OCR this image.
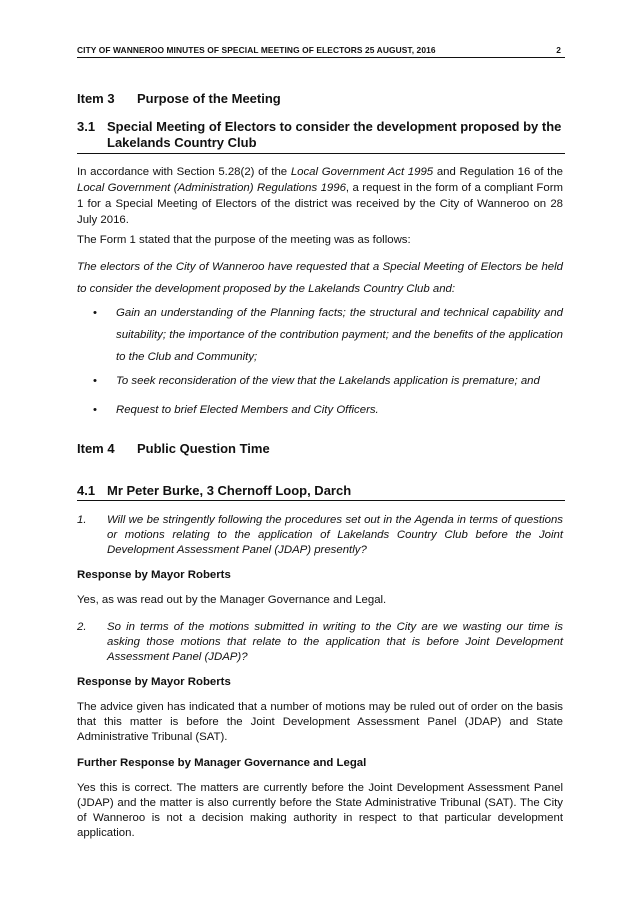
CITY OF WANNEROO MINUTES OF SPECIAL MEETING OF ELECTORS 25 AUGUST, 2016	2
Item 3 Purpose of the Meeting
3.1 Special Meeting of Electors to consider the development proposed by the Lakelands Country Club

In accordance with Section 5.28(2) of the Local Government Act 1995 and Regulation 16 of the Local Government (Administration) Regulations 1996, a request in the form of a compliant Form 1 for a Special Meeting of Electors of the district was received by the City of Wanneroo on 28 July 2016.

The Form 1 stated that the purpose of the meeting was as follows:

The electors of the City of Wanneroo have requested that a Special Meeting of Electors be held to consider the development proposed by the Lakelands Country Club and:

• Gain an understanding of the Planning facts; the structural and technical capability and suitability; the importance of the contribution payment; and the benefits of the application to the Club and Community;
• To seek reconsideration of the view that the Lakelands application is premature; and
• Request to brief Elected Members and City Officers.
Item 4 Public Question Time
4.1 Mr Peter Burke, 3 Chernoff Loop, Darch
1. Will we be stringently following the procedures set out in the Agenda in terms of questions or motions relating to the application of Lakelands Country Club before the Joint Development Assessment Panel (JDAP) presently?
Response by Mayor Roberts

Yes, as was read out by the Manager Governance and Legal.

2. So in terms of the motions submitted in writing to the City are we wasting our time is asking those motions that relate to the application that is before Joint Development Assessment Panel (JDAP)?
Response by Mayor Roberts

The advice given has indicated that a number of motions may be ruled out of order on the basis that this matter is before the Joint Development Assessment Panel (JDAP) and State Administrative Tribunal (SAT).

Further Response by Manager Governance and Legal

Yes this is correct. The matters are currently before the Joint Development Assessment Panel (JDAP) and the matter is also currently before the State Administrative Tribunal (SAT). The City of Wanneroo is not a decision making authority in respect to that particular development application.
